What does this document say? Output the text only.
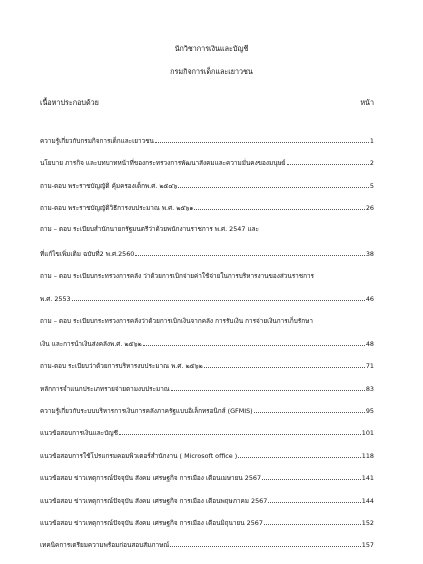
นักวิชาการเงินและบัญชี
กรมกิจการเด็กและเยาวชน
เนื้อหาประกอบด้วย	หน้า
ความรู้เกี่ยวกับกรมกิจการเด็กและเยาวชน	1
นโยบาย ภารกิจ และบทบาทหน้าที่ของกระทรวงการพัฒนาสังคมและความมั่นคงของมนุษย์	2
ถาม-ตอบ พระราชบัญญัติ คุ้มครองเด็กพ.ศ. ๒๕๔๖	5
ถาม-ตอบ พระราชบัญญัติวิธีการงบประมาณ พ.ศ. ๒๕๖๑	26
ถาม – ตอบ ระเบียบสำนักนายกรัฐมนตรีว่าด้วยพนักงานราชการ พ.ศ. 2547 และ
ที่แก้ไขเพิ่มเติม ฉบับที่2 พ.ศ.2560	38
ถาม – ตอบ ระเบียบกระทรวงการคลัง ว่าด้วยการเบิกจ่ายค่าใช้จ่ายในการบริหารงานของส่วนราชการ
พ.ศ. 2553	46
ถาม – ตอบ ระเบียบกระทรวงการคลังว่าด้วยการเบิกเงินจากคลัง การรับเงิน การจ่ายเงินการเก็บรักษา
เงิน และการนำเงินส่งคลังพ.ศ. ๒๕๖๒	48
ถาม-ตอบ ระเบียบว่าด้วยการบริหารงบประมาณ พ.ศ. ๒๕๖๒	71
หลักการจำแนกประเภทรายจ่ายตามงบประมาณ	83
ความรู้เกี่ยวกับระบบบริหารการเงินการคลังภาครัฐแบบอิเล็กทรอนิกส์ (GFMIS)	95
แนวข้อสอบการเงินและบัญชี	101
แนวข้อสอบการใช้โปรแกรมคอมพิวเตอร์สำนักงาน ( Microsoft office )	118
แนวข้อสอบ ข่าวเหตุการณ์ปัจจุบัน สังคม เศรษฐกิจ การเมือง เดือนเมษายน 2567	141
แนวข้อสอบ ข่าวเหตุการณ์ปัจจุบัน สังคม เศรษฐกิจ การเมือง เดือนพฤษภาคม 2567	144
แนวข้อสอบ ข่าวเหตุการณ์ปัจจุบัน สังคม เศรษฐกิจ การเมือง เดือนมิถุนายน 2567	152
เทคนิคการเตรียมความพร้อมก่อนสอบสัมภาษณ์	157
